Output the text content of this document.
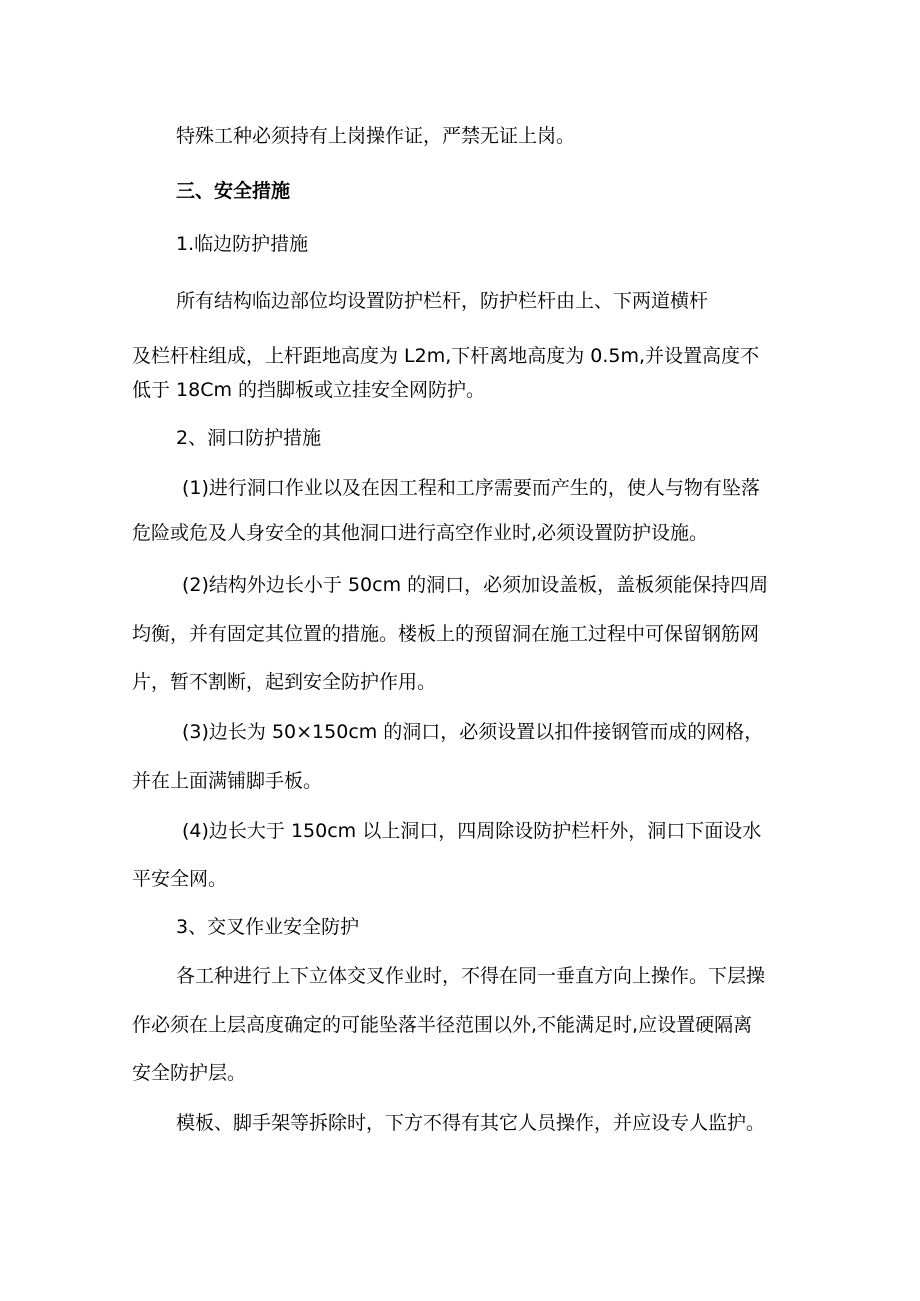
特殊工种必须持有上岗操作证，严禁无证上岗。
三、安全措施
1.临边防护措施
所有结构临边部位均设置防护栏杆，防护栏杆由上、下两道横杆
及栏杆柱组成，上杆距地高度为 L2m,下杆离地高度为 0.5m,并设置高度不
低于 18Cm 的挡脚板或立挂安全网防护。
2、洞口防护措施
(1)进行洞口作业以及在因工程和工序需要而产生的，使人与物有坠落
危险或危及人身安全的其他洞口进行高空作业时,必须设置防护设施。
(2)结构外边长小于 50cm 的洞口，必须加设盖板，盖板须能保持四周
均衡，并有固定其位置的措施。楼板上的预留洞在施工过程中可保留钢筋网
片，暂不割断，起到安全防护作用。
(3)边长为 50×150cm 的洞口，必须设置以扣件接钢管而成的网格，
并在上面满铺脚手板。
(4)边长大于 150cm 以上洞口，四周除设防护栏杆外，洞口下面设水
平安全网。
3、交叉作业安全防护
各工种进行上下立体交叉作业时，不得在同一垂直方向上操作。下层操
作必须在上层高度确定的可能坠落半径范围以外,不能满足时,应设置硬隔离
安全防护层。
模板、脚手架等拆除时，下方不得有其它人员操作，并应设专人监护。
